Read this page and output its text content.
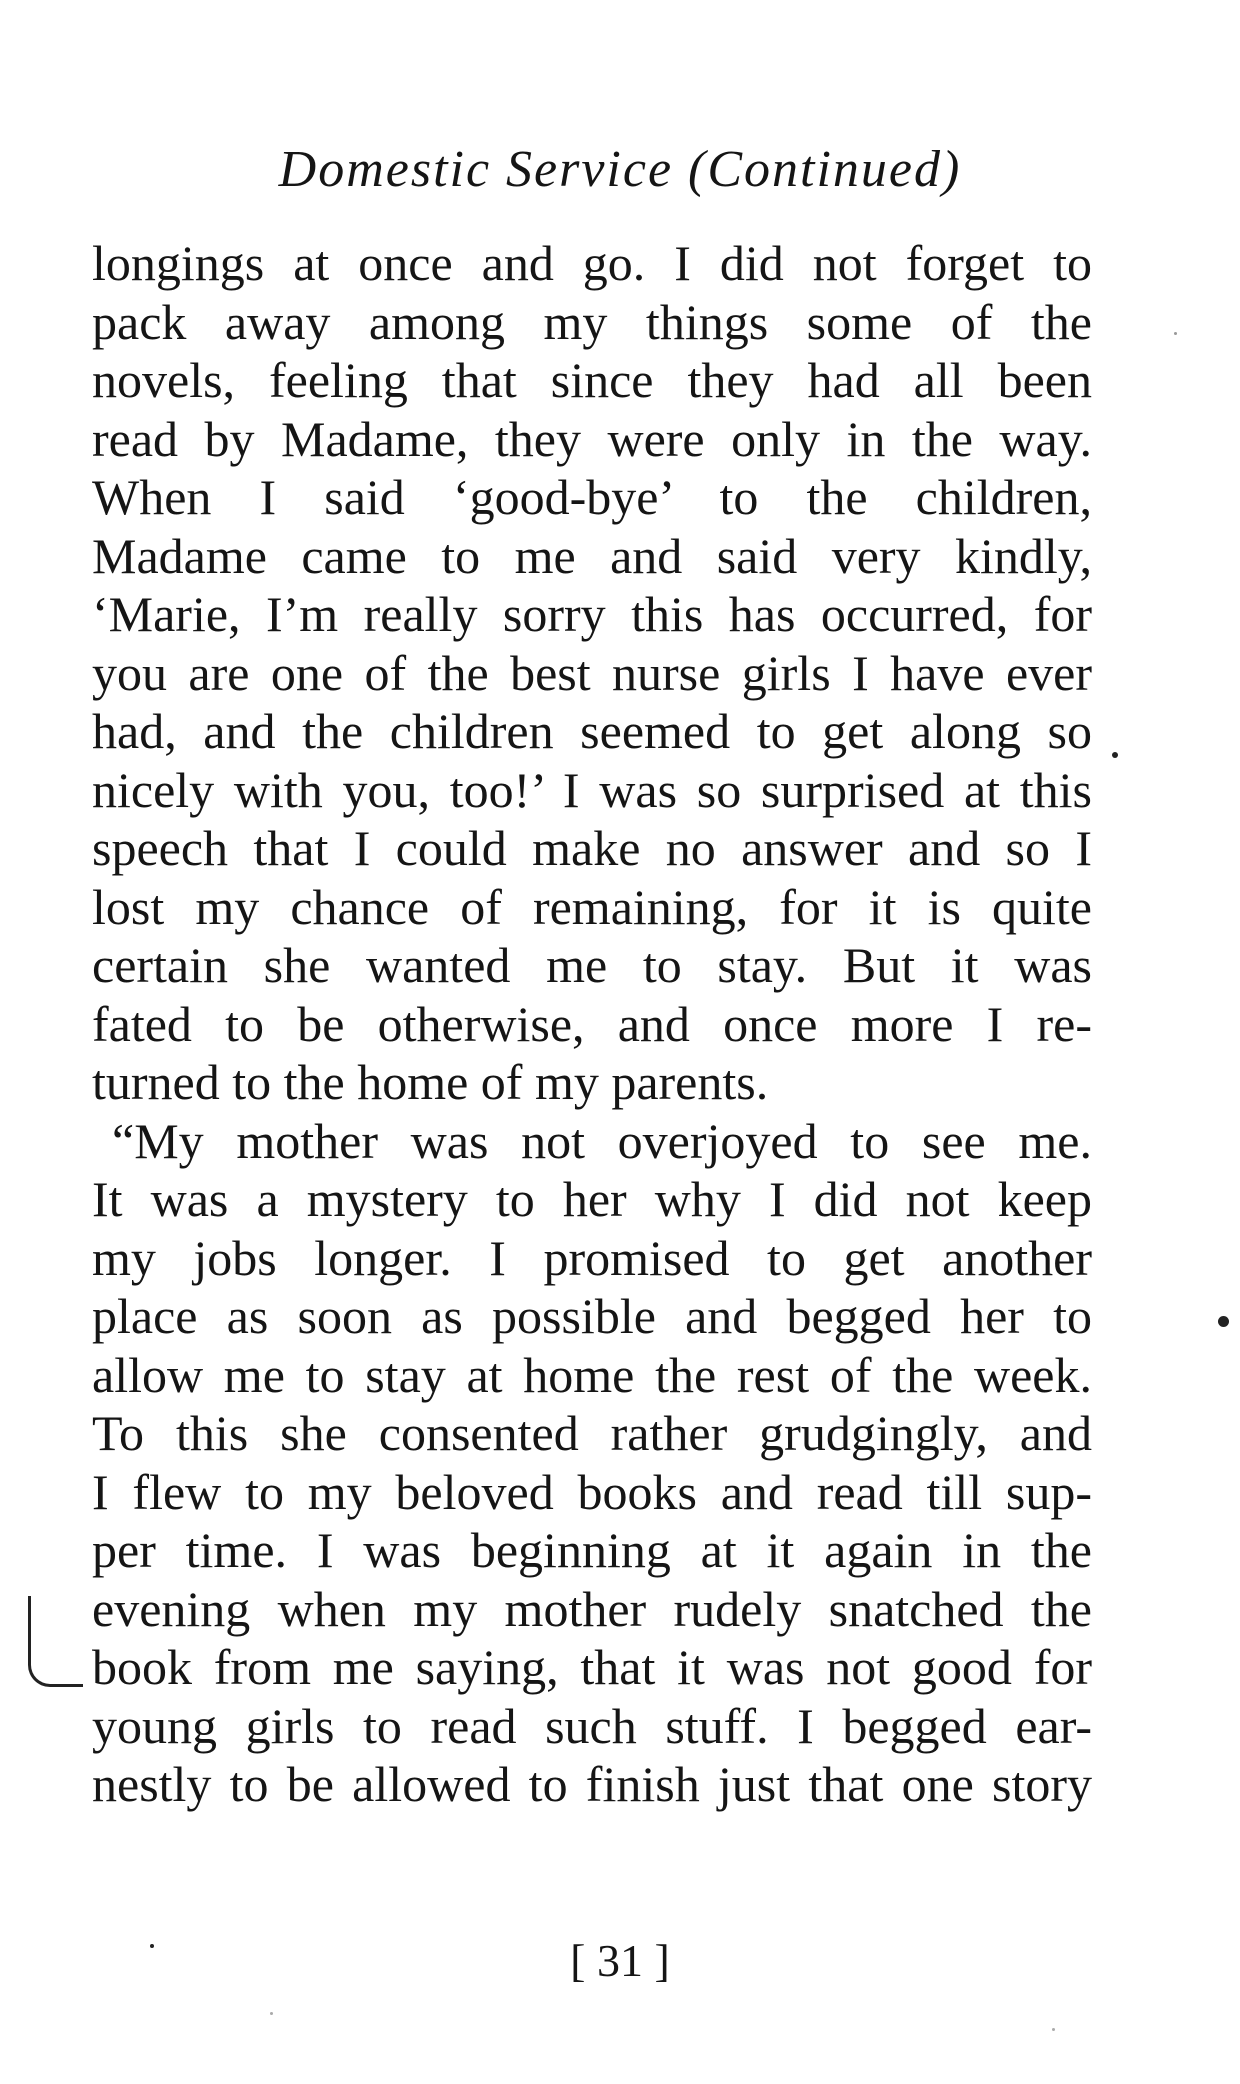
Domestic Service (Continued)
longings at once and go. I did not forget to
pack away among my things some of the
novels, feeling that since they had all been
read by Madame, they were only in the way.
When I said ‘good-bye’ to the children,
Madame came to me and said very kindly,
‘Marie, I’m really sorry this has occurred, for
you are one of the best nurse girls I have ever
had, and the children seemed to get along so
nicely with you, too!’ I was so surprised at this
speech that I could make no answer and so I
lost my chance of remaining, for it is quite
certain she wanted me to stay. But it was
fated to be otherwise, and once more I re-
turned to the home of my parents.
“My mother was not overjoyed to see me.
It was a mystery to her why I did not keep
my jobs longer. I promised to get another
place as soon as possible and begged her to
allow me to stay at home the rest of the week.
To this she consented rather grudgingly, and
I flew to my beloved books and read till sup-
per time. I was beginning at it again in the
evening when my mother rudely snatched the
book from me saying, that it was not good for
young girls to read such stuff. I begged ear-
nestly to be allowed to finish just that one story
[ 31 ]
